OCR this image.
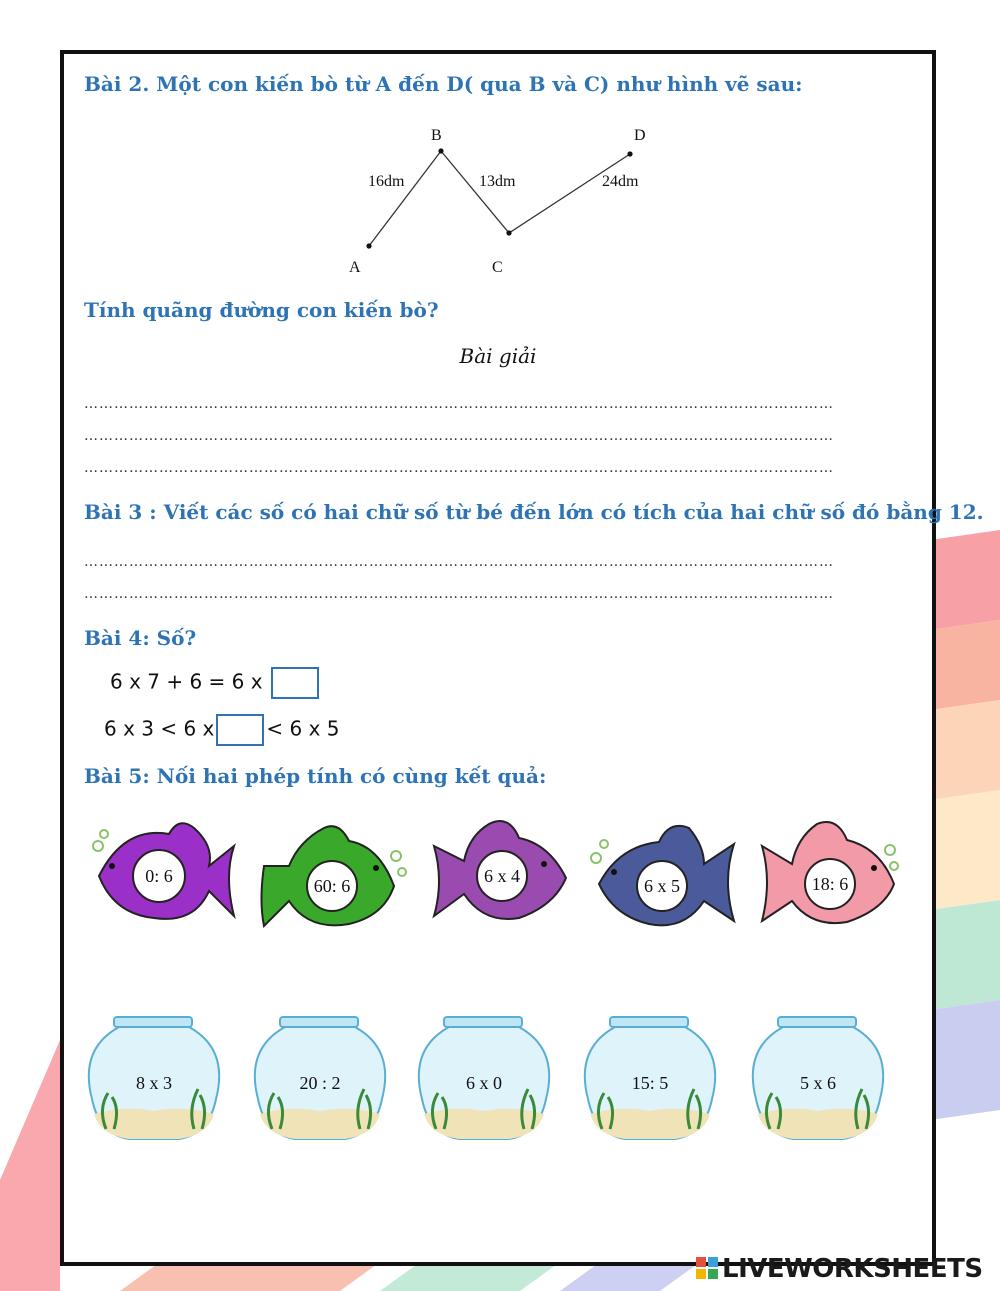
Bài 2. Một con kiến bò từ A đến D( qua B và C) như hình vẽ sau:
A
B
C
D
16dm	13dm	24dm
Tính quãng đường con kiến bò?
Bài giải
……………………………………………………………………………………………………………………………………
……………………………………………………………………………………………………………………………………
……………………………………………………………………………………………………………………………………
Bài 3 : Viết các số có hai chữ số từ bé đến lớn có tích của hai chữ số đó bằng 12.
……………………………………………………………………………………………………………………………………
……………………………………………………………………………………………………………………………………
Bài 4: Số?
6 x 7 + 6 = 6 x
6 x 3 < 6 x	< 6 x 5
Bài 5: Nối hai phép tính có cùng kết quả:
0: 6	60: 6	6 x 4	6 x 5	18: 6
8 x 3	20 : 2	6 x 0	15: 5	5 x 6
LIVEWORKSHEETS
